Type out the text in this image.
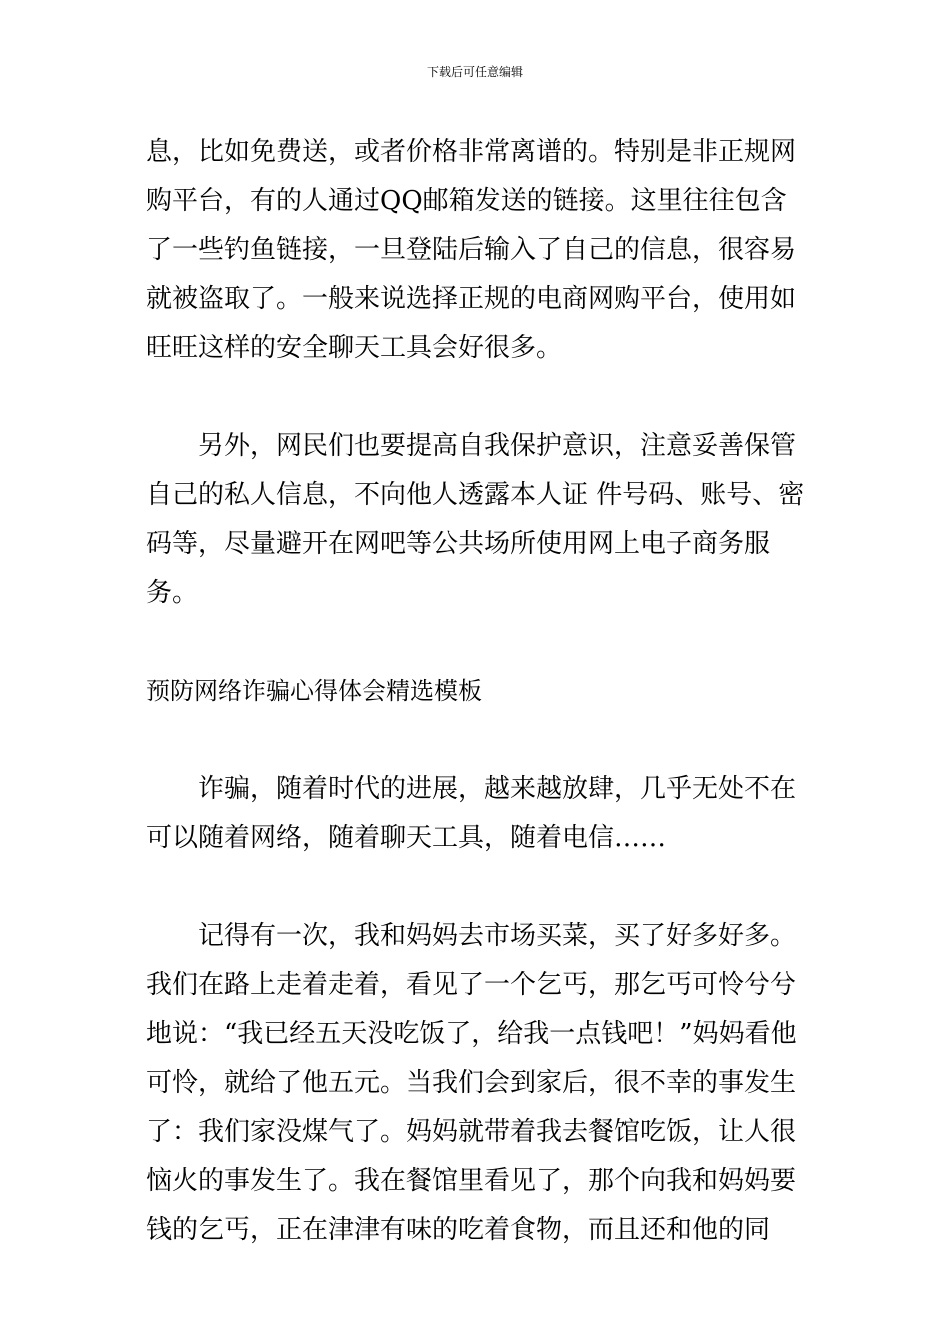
下载后可任意编辑

息，比如免费送，或者价格非常离谱的。特别是非正规网购平台，有的人通过QQ邮箱发送的链接。这里往往包含了一些钓鱼链接，一旦登陆后输入了自己的信息，很容易就被盗取了。一般来说选择正规的电商网购平台，使用如旺旺这样的安全聊天工具会好很多。

另外，网民们也要提高自我保护意识，注意妥善保管自己的私人信息，不向他人透露本人证 件号码、账号、密码等，尽量避开在网吧等公共场所使用网上电子商务服务。

预防网络诈骗心得体会精选模板

诈骗，随着时代的进展，越来越放肆，几乎无处不在可以随着网络，随着聊天工具，随着电信……

记得有一次，我和妈妈去市场买菜，买了好多好多。我们在路上走着走着，看见了一个乞丐，那乞丐可怜兮兮地说：“我已经五天没吃饭了，给我一点钱吧！”妈妈看他可怜，就给了他五元。当我们会到家后，很不幸的事发生了：我们家没煤气了。妈妈就带着我去餐馆吃饭，让人很恼火的事发生了。我在餐馆里看见了，那个向我和妈妈要钱的乞丐，正在津津有味的吃着食物，而且还和他的同
